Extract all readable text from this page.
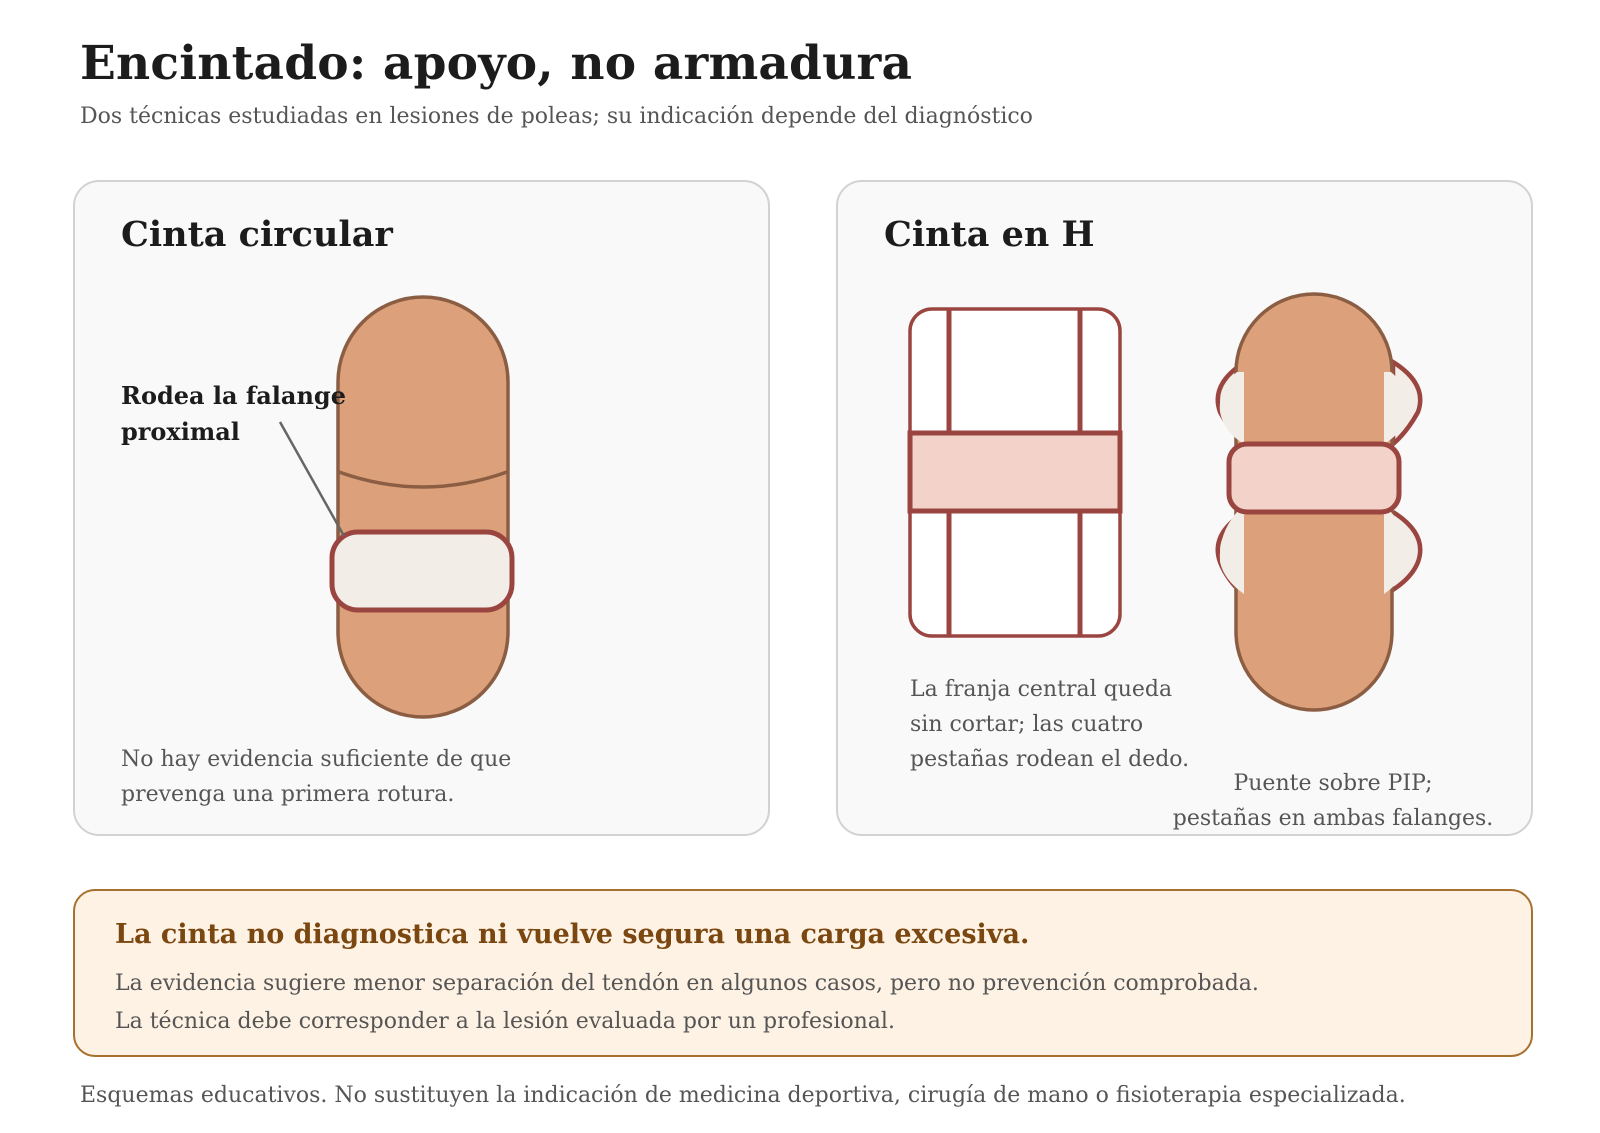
Encintado: apoyo, no armadura
Dos técnicas estudiadas en lesiones de poleas; su indicación depende del diagnóstico
Cinta circular
Rodea la falange
proximal
No hay evidencia suficiente de que
prevenga una primera rotura.
Cinta en H
La franja central queda
sin cortar; las cuatro
pestañas rodean el dedo.
Puente sobre PIP;
pestañas en ambas falanges.
La cinta no diagnostica ni vuelve segura una carga excesiva.
La evidencia sugiere menor separación del tendón en algunos casos, pero no prevención comprobada.
La técnica debe corresponder a la lesión evaluada por un profesional.
Esquemas educativos. No sustituyen la indicación de medicina deportiva, cirugía de mano o fisioterapia especializada.
